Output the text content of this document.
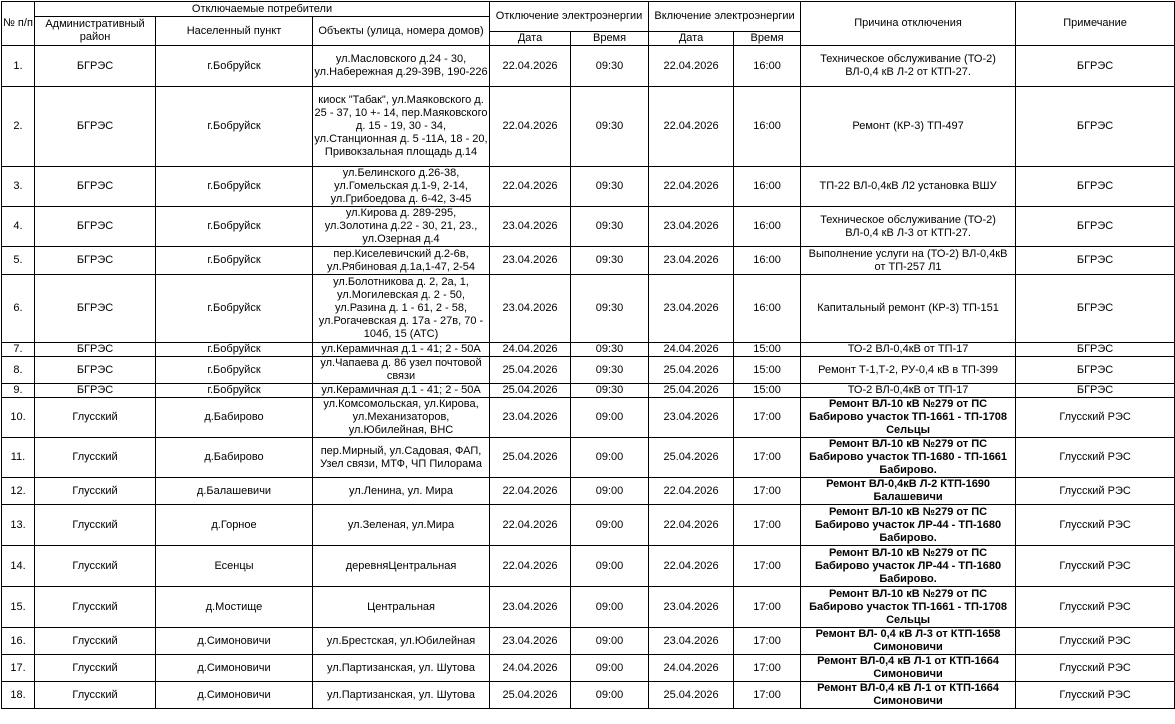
№ п/п	Отключаемые потребители			Отключение электроэнергии		Включение электроэнергии		Причина отключения	Примечание
	Административный район	Населенный пункт	Объекты (улица, номера домов)						
				Дата	Время	Дата	Время		
1.	БГРЭС	г.Бобруйск	ул.Масловского д.24 - 30, ул.Набережная д.29-39В, 190-226	22.04.2026	09:30	22.04.2026	16:00	Техническое обслуживание (ТО-2) ВЛ-0,4 кВ Л-2 от КТП-27.	БГРЭС
2.	БГРЭС	г.Бобруйск	киоск "Табак", ул.Маяковского д. 25 - 37, 10 +- 14, пер.Маяковского д. 15 - 19, 30 - 34, ул.Станционная д. 5 -11А, 18 - 20, Привокзальная площадь д.14	22.04.2026	09:30	22.04.2026	16:00	Ремонт (КР-3) ТП-497	БГРЭС
3.	БГРЭС	г.Бобруйск	ул.Белинского д.26-38, ул.Гомельская д.1-9, 2-14, ул.Грибоедова д. 6-42, 3-45	22.04.2026	09:30	22.04.2026	16:00	ТП-22 ВЛ-0,4кВ Л2 установка ВШУ	БГРЭС
4.	БГРЭС	г.Бобруйск	ул.Кирова д. 289-295, ул.Золотина д.22 - 30, 21, 23., ул.Озерная д.4	23.04.2026	09:30	23.04.2026	16:00	Техническое обслуживание (ТО-2) ВЛ-0,4 кВ Л-3 от КТП-27.	БГРЭС
5.	БГРЭС	г.Бобруйск	пер.Киселевичский д.2-6в, ул.Рябиновая д.1а,1-47, 2-54	23.04.2026	09:30	23.04.2026	16:00	Выполнение услуги на (ТО-2) ВЛ-0,4кВ от ТП-257 Л1	БГРЭС
6.	БГРЭС	г.Бобруйск	ул.Болотникова д. 2, 2а, 1, ул.Могилевская д. 2 - 50, ул.Разина д. 1 - 61, 2 - 58, ул.Рогачевская д. 17а - 27в, 70 - 104б, 15 (АТС)	23.04.2026	09:30	23.04.2026	16:00	Капитальный ремонт (КР-3) ТП-151	БГРЭС
7.	БГРЭС	г.Бобруйск	ул.Керамичная д.1 - 41; 2 - 50А	24.04.2026	09:30	24.04.2026	15:00	ТО-2 ВЛ-0,4кВ от ТП-17	БГРЭС
8.	БГРЭС	г.Бобруйск	ул.Чапаева д. 86 узел почтовой связи	25.04.2026	09:30	25.04.2026	15:00	Ремонт Т-1,Т-2, РУ-0,4 кВ в ТП-399	БГРЭС
9.	БГРЭС	г.Бобруйск	ул.Керамичная д.1 - 41; 2 - 50А	25.04.2026	09:30	25.04.2026	15:00	ТО-2 ВЛ-0,4кВ от ТП-17	БГРЭС
10.	Глусский	д.Бабирово	ул.Комсомольская, ул.Кирова, ул.Механизаторов, ул.Юбилейная, ВНС	23.04.2026	09:00	23.04.2026	17:00	Ремонт ВЛ-10 кВ №279 от ПС Бабирово участок ТП-1661 - ТП-1708 Сельцы	Глусский РЭС
11.	Глусский	д.Бабирово	пер.Мирный, ул.Садовая, ФАП, Узел связи, МТФ, ЧП Пилорама	25.04.2026	09:00	25.04.2026	17:00	Ремонт ВЛ-10 кВ №279 от ПС Бабирово участок ТП-1680 - ТП-1661 Бабирово.	Глусский РЭС
12.	Глусский	д.Балашевичи	ул.Ленина, ул. Мира	22.04.2026	09:00	22.04.2026	17:00	Ремонт ВЛ-0,4кВ Л-2 КТП-1690 Балашевичи	Глусский РЭС
13.	Глусский	д.Горное	ул.Зеленая, ул.Мира	22.04.2026	09:00	22.04.2026	17:00	Ремонт ВЛ-10 кВ №279 от ПС Бабирово участок ЛР-44 - ТП-1680 Бабирово.	Глусский РЭС
14.	Глусский	Есенцы	деревняЦентральная	22.04.2026	09:00	22.04.2026	17:00	Ремонт ВЛ-10 кВ №279 от ПС Бабирово участок ЛР-44 - ТП-1680 Бабирово.	Глусский РЭС
15.	Глусский	д.Мостище	Центральная	23.04.2026	09:00	23.04.2026	17:00	Ремонт ВЛ-10 кВ №279 от ПС Бабирово участок ТП-1661 - ТП-1708 Сельцы	Глусский РЭС
16.	Глусский	д.Симоновичи	ул.Брестская, ул.Юбилейная	23.04.2026	09:00	23.04.2026	17:00	Ремонт ВЛ- 0,4 кВ Л-3 от КТП-1658 Симоновичи	Глусский РЭС
17.	Глусский	д.Симоновичи	ул.Партизанская, ул. Шутова	24.04.2026	09:00	24.04.2026	17:00	Ремонт ВЛ-0,4 кВ Л-1 от КТП-1664 Симоновичи	Глусский РЭС
18.	Глусский	д.Симоновичи	ул.Партизанская, ул. Шутова	25.04.2026	09:00	25.04.2026	17:00	Ремонт ВЛ-0,4 кВ Л-1 от КТП-1664 Симоновичи	Глусский РЭС
